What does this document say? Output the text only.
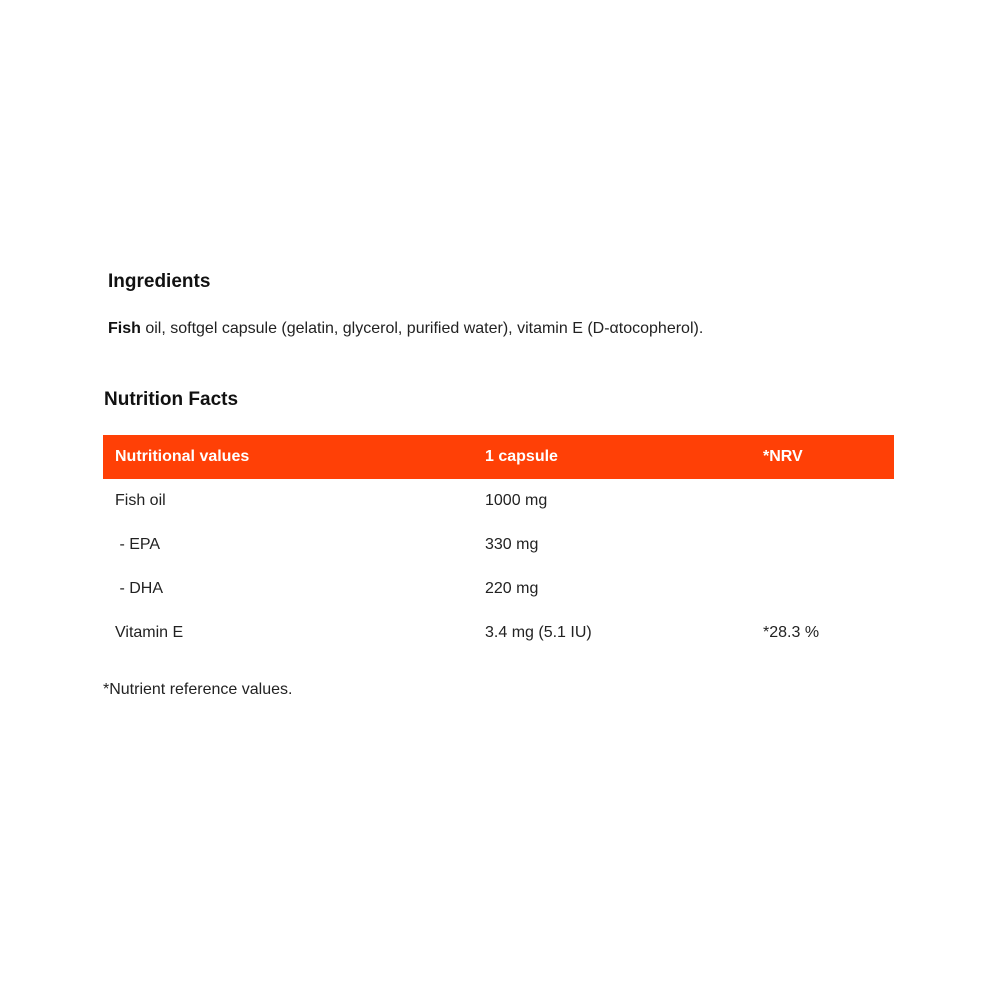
Ingredients

Fish oil, softgel capsule (gelatin, glycerol, purified water), vitamin E (D-αtocopherol).

Nutrition Facts
Nutritional values	1 capsule	*NRV
Fish oil	1000 mg	
- EPA	330 mg	
- DHA	220 mg	
Vitamin E	3.4 mg (5.1 IU)	*28.3 %

*Nutrient reference values.
